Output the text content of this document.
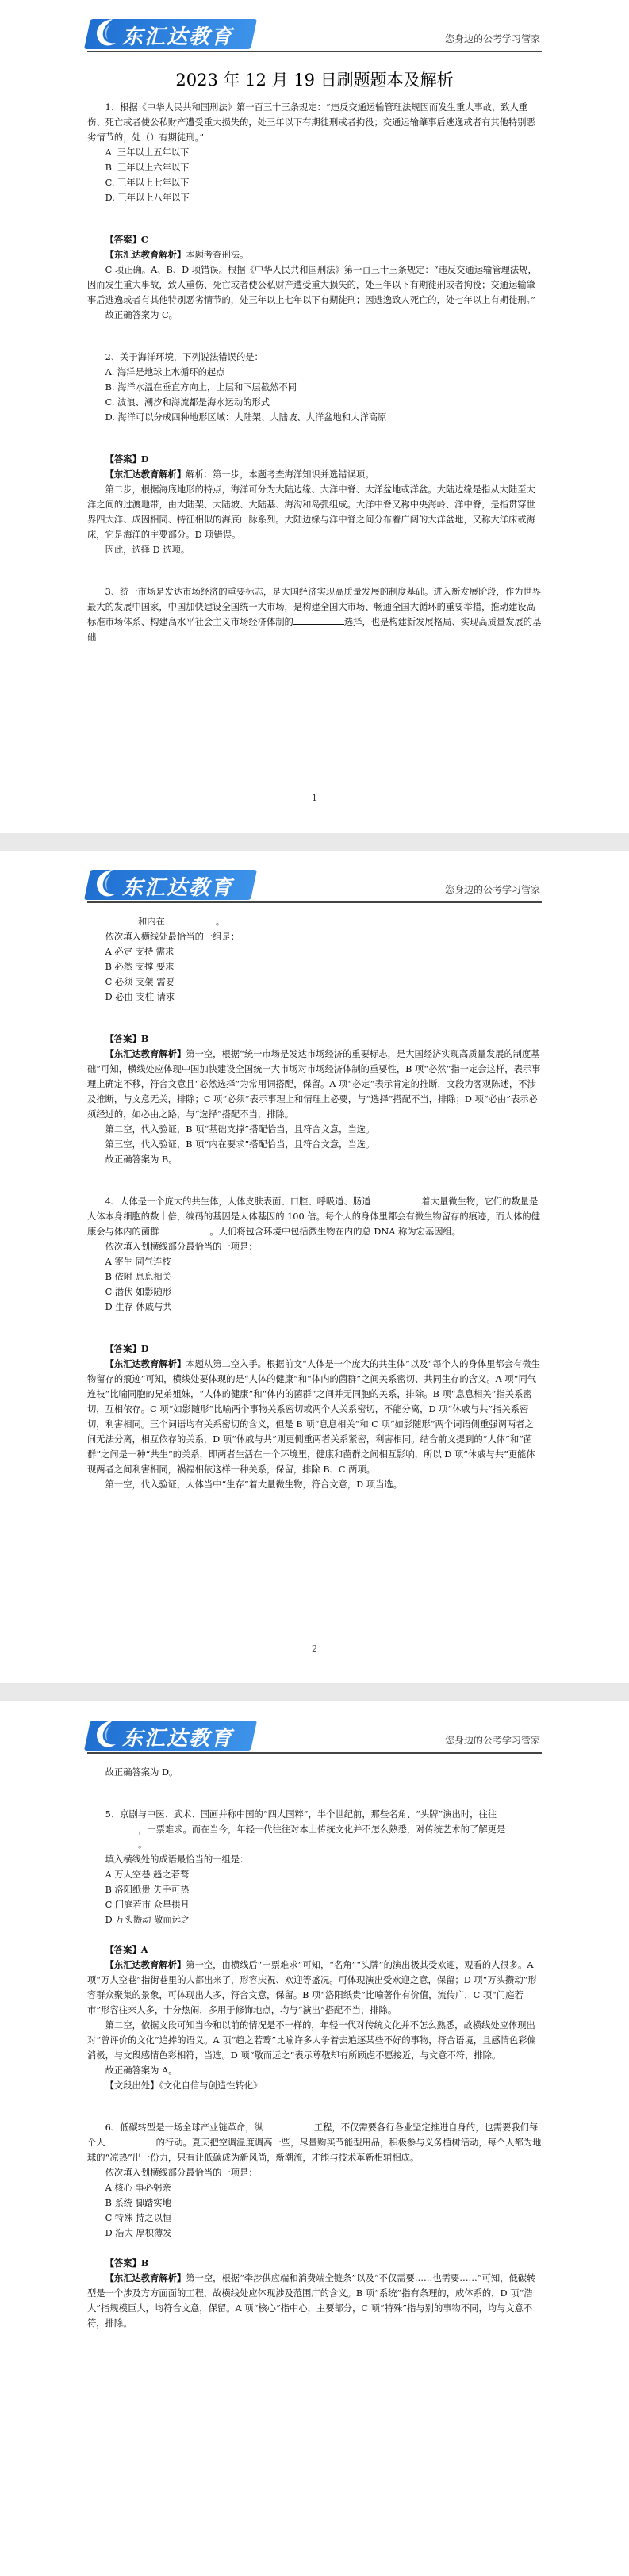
东汇达教育	您身边的公考学习管家
2023 年 12 月 19 日刷题题本及解析

1、根据《中华人民共和国刑法》第一百三十三条规定：“违反交通运输管理法规因而发生重大事故，致人重伤、死亡或者使公私财产遭受重大损失的，处三年以下有期徒刑或者拘役；交通运输肇事后逃逸或者有其他特别恶劣情节的，处（）有期徒刑。”

A. 三年以上五年以下

B. 三年以上六年以下

C. 三年以上七年以下

D. 三年以上八年以下

【答案】C

【东汇达教育解析】本题考查刑法。

C 项正确。A、B、D 项错误。根据《中华人民共和国刑法》第一百三十三条规定：“违反交通运输管理法规，因而发生重大事故，致人重伤、死亡或者使公私财产遭受重大损失的，处三年以下有期徒刑或者拘役；交通运输肇事后逃逸或者有其他特别恶劣情节的，处三年以上七年以下有期徒刑；因逃逸致人死亡的，处七年以上有期徒刑。”

故正确答案为 C。

2、关于海洋环境，下列说法错误的是：

A. 海洋是地球上水循环的起点

B. 海洋水温在垂直方向上，上层和下层截然不同

C. 波浪、潮汐和海流都是海水运动的形式

D. 海洋可以分成四种地形区域：大陆架、大陆坡、大洋盆地和大洋高原

【答案】D

【东汇达教育解析】解析：第一步，本题考查海洋知识并选错误项。

第二步，根据海底地形的特点，海洋可分为大陆边缘、大洋中脊、大洋盆地或洋盆。大陆边缘是指从大陆至大洋之间的过渡地带，由大陆架、大陆坡、大陆基、海沟和岛弧组成。大洋中脊又称中央海岭、洋中脊，是指贯穿世界四大洋、成因相同、特征相似的海底山脉系列。大陆边缘与洋中脊之间分布着广阔的大洋盆地，又称大洋床或海床，它是海洋的主要部分。D 项错误。

因此，选择 D 选项。

3、统一市场是发达市场经济的重要标志，是大国经济实现高质量发展的制度基础。进入新发展阶段，作为世界最大的发展中国家，中国加快建设全国统一大市场，是构建全国大市场、畅通全国大循环的重要举措，推动建设高标准市场体系、构建高水平社会主义市场经济体制的	选择，也是构建新发展格局、实现高质量发展的基础

1
东汇达教育	您身边的公考学习管家

和内在	。

依次填入横线处最恰当的一组是：

A 必定 支持 需求

B 必然 支撑 要求

C 必须 支架 需要

D 必由 支柱 请求

【答案】B

【东汇达教育解析】第一空，根据“统一市场是发达市场经济的重要标志，是大国经济实现高质量发展的制度基础”可知，横线处应体现中国加快建设全国统一大市场对市场经济体制的重要性，B 项“必然”指一定会这样，表示事理上确定不移，符合文意且“必然选择”为常用词搭配，保留。A 项“必定”表示肯定的推断，文段为客观陈述，不涉及推断，与文意无关，排除；C 项“必须”表示事理上和情理上必要，与“选择”搭配不当，排除；D 项“必由”表示必须经过的，如必由之路，与“选择”搭配不当，排除。

第二空，代入验证，B 项“基础支撑”搭配恰当，且符合文意，当选。

第三空，代入验证，B 项“内在要求”搭配恰当，且符合文意，当选。

故正确答案为 B。

4、人体是一个庞大的共生体，人体皮肤表面、口腔、呼吸道、肠道	着大量微生物，它们的数量是人体本身细胞的数十倍，编码的基因是人体基因的 100 倍。每个人的身体里都会有微生物留存的痕迹，而人体的健康会与体内的菌群	。人们将包含环境中包括微生物在内的总 DNA 称为宏基因组。

依次填入划横线部分最恰当的一项是：

A 寄生 同气连枝

B 依附 息息相关

C 潜伏 如影随形

D 生存 休戚与共

【答案】D

【东汇达教育解析】本题从第二空入手。根据前文“人体是一个庞大的共生体”以及“每个人的身体里都会有微生物留存的痕迹”可知，横线处要体现的是“人体的健康”和“体内的菌群”之间关系密切、共同生存的含义。A 项“同气连枝”比喻同胞的兄弟姐妹，“人体的健康”和“体内的菌群”之间并无同胞的关系，排除。B 项“息息相关”指关系密切，互相依存。C 项“如影随形”比喻两个事物关系密切或两个人关系密切，不能分离，D 项“休戚与共”指关系密切，利害相同。三个词语均有关系密切的含义，但是 B 项“息息相关”和 C 项“如影随形”两个词语侧重强调两者之间无法分离，相互依存的关系，D 项“休戚与共”则更侧重两者关系紧密，利害相同。结合前文提到的“人体”和“菌群”之间是一种“共生”的关系，即两者生活在一个环境里，健康和菌群之间相互影响，所以 D 项“休戚与共”更能体现两者之间利害相同，祸福相依这样一种关系，保留，排除 B、C 两项。

第一空，代入验证，人体当中“生存”着大量微生物，符合文意，D 项当选。

2
东汇达教育	您身边的公考学习管家

故正确答案为 D。

5、京剧与中医、武术、国画并称中国的“四大国粹”，半个世纪前，那些名角、“头牌”演出时，往往，一票难求。而在当今，年轻一代往往对本土传统文化并不怎么熟悉，对传统艺术的了解更是。

填入横线处的成语最恰当的一组是：

A 万人空巷 趋之若鹜

B 洛阳纸贵 失手可热

C 门庭若市 众星拱月

D 万头攒动 敬而远之

【答案】A

【东汇达教育解析】第一空，由横线后“一票难求”可知，“名角”“头牌”的演出极其受欢迎，观看的人很多。A 项“万人空巷”指街巷里的人都出来了，形容庆祝、欢迎等盛况。可体现演出受欢迎之意，保留；D 项“万头攒动”形容群众聚集的景象，可体现出人多，符合文意，保留。B 项“洛阳纸贵”比喻著作有价值，流传广，C 项“门庭若市”形容往来人多，十分热闹，多用于修饰地点，均与“演出”搭配不当，排除。

第二空，依据文段可知当今和以前的情况是不一样的，年轻一代对传统文化并不怎么熟悉，故横线处应体现出对“曾评价的文化”追捧的语义。A 项“趋之若鹜”比喻许多人争着去追逐某些不好的事物，符合语境，且感情色彩偏消极，与文段感情色彩相符，当选。D 项“敬而远之”表示尊敬却有所顾虑不愿接近，与文意不符，排除。

故正确答案为 A。

【文段出处】《文化自信与创造性转化》

6、低碳转型是一场全球产业链革命，纵	工程，不仅需要各行各业坚定推进自身的，也需要我们每个人	的行动。夏天把空调温度调高一些，尽量购买节能型用品，积极参与义务植树活动，每个人都为地球的“凉热”出一份力，只有让低碳成为新风尚，新潮流，才能与技术革新相辅相成。

依次填入划横线部分最恰当的一项是：

A 核心 事必躬亲

B 系统 脚踏实地

C 特殊 持之以恒

D 浩大 厚积薄发

【答案】B

【东汇达教育解析】第一空，根据“牵涉供应端和消费端全链条”以及“不仅需要……也需要……”可知，低碳转型是一个涉及方方面面的工程，故横线处应体现涉及范围广的含义。B 项“系统”指有条理的，成体系的，D 项“浩大”指规模巨大，均符合文意，保留。A 项“核心”指中心，主要部分，C 项“特殊”指与别的事物不同，均与文意不符，排除。
